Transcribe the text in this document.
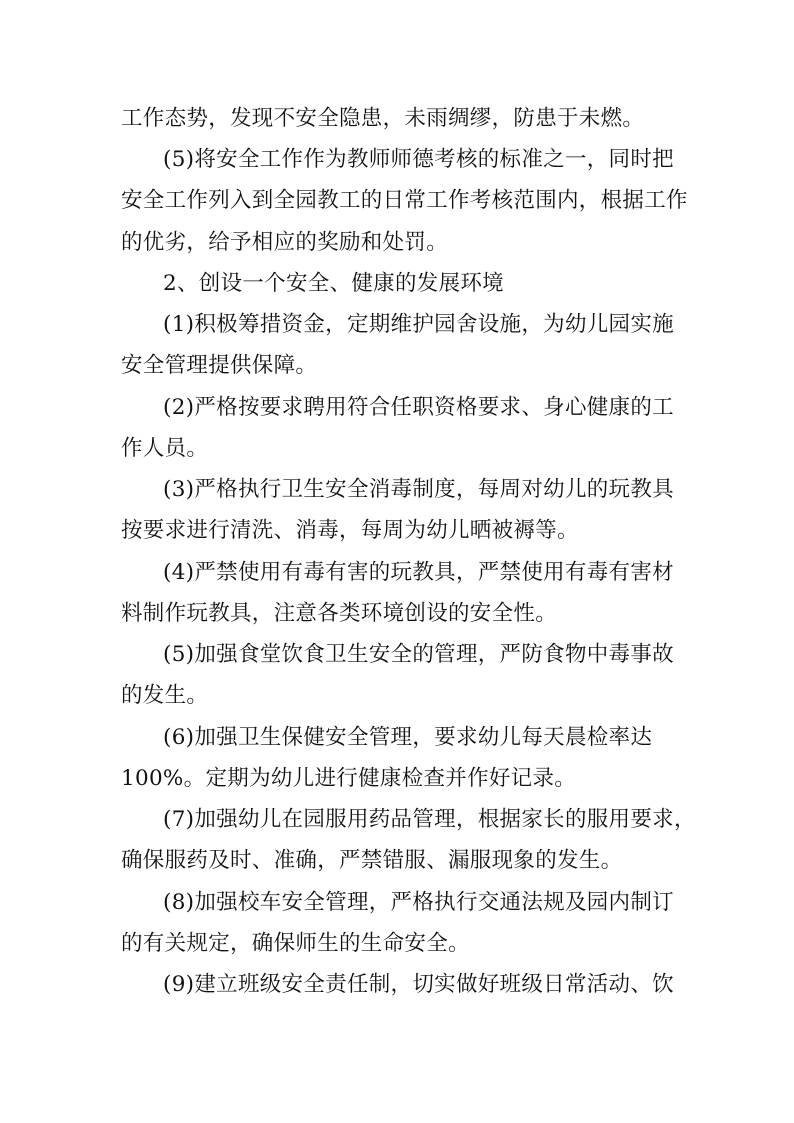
工作态势，发现不安全隐患，未雨绸缪，防患于未燃。
(5)将安全工作作为教师师德考核的标准之一，同时把
安全工作列入到全园教工的日常工作考核范围内，根据工作
的优劣，给予相应的奖励和处罚。
2、创设一个安全、健康的发展环境
(1)积极筹措资金，定期维护园舍设施，为幼儿园实施
安全管理提供保障。
(2)严格按要求聘用符合任职资格要求、身心健康的工
作人员。
(3)严格执行卫生安全消毒制度，每周对幼儿的玩教具
按要求进行清洗、消毒，每周为幼儿晒被褥等。
(4)严禁使用有毒有害的玩教具，严禁使用有毒有害材
料制作玩教具，注意各类环境创设的安全性。
(5)加强食堂饮食卫生安全的管理，严防食物中毒事故
的发生。
(6)加强卫生保健安全管理，要求幼儿每天晨检率达
100%。定期为幼儿进行健康检查并作好记录。
(7)加强幼儿在园服用药品管理，根据家长的服用要求，
确保服药及时、准确，严禁错服、漏服现象的发生。
(8)加强校车安全管理，严格执行交通法规及园内制订
的有关规定，确保师生的生命安全。
(9)建立班级安全责任制，切实做好班级日常活动、饮
